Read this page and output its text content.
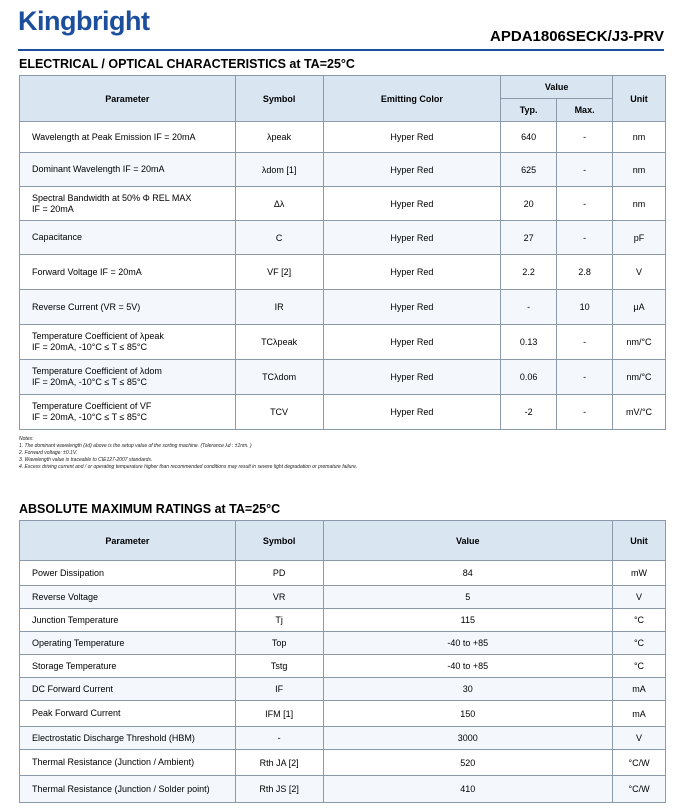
Kingbright
APDA1806SECK/J3-PRV
ELECTRICAL / OPTICAL CHARACTERISTICS at TA=25°C
Parameter	Symbol	Emitting Color	Value		Unit
			Typ.	Max.	
Wavelength at Peak Emission IF = 20mA	λpeak	Hyper Red	640	-	nm
Dominant Wavelength IF = 20mA	λdom [1]	Hyper Red	625	-	nm
Spectral Bandwidth at 50% Φ REL MAX
IF = 20mA	Δλ	Hyper Red	20	-	nm
Capacitance	C	Hyper Red	27	-	pF
Forward Voltage IF = 20mA	VF [2]	Hyper Red	2.2	2.8	V
Reverse Current (VR = 5V)	IR	Hyper Red	-	10	μA
Temperature Coefficient of λpeak
IF = 20mA, -10°C ≤ T ≤ 85°C	TCλpeak	Hyper Red	0.13	-	nm/°C
Temperature Coefficient of λdom
IF = 20mA, -10°C ≤ T ≤ 85°C	TCλdom	Hyper Red	0.06	-	nm/°C
Temperature Coefficient of VF
IF = 20mA, -10°C ≤ T ≤ 85°C	TCV	Hyper Red	-2	-	mV/°C
Notes:
1. The dominant wavelength (λd) above is the setup value of the sorting machine. (Tolerance λd : ±1nm. )
2. Forward voltage: ±0.1V.
3. Wavelength value is traceable to CIE127-2007 standards.
4. Excess driving current and / or operating temperature higher than recommended conditions may result in severe light degradation or premature failure.
ABSOLUTE MAXIMUM RATINGS at TA=25°C
Parameter	Symbol	Value	Unit
Power Dissipation	PD	84	mW
Reverse Voltage	VR	5	V
Junction Temperature	Tj	115	°C
Operating Temperature	Top	-40 to +85	°C
Storage Temperature	Tstg	-40 to +85	°C
DC Forward Current	IF	30	mA
Peak Forward Current	IFM [1]	150	mA
Electrostatic Discharge Threshold (HBM)	-	3000	V
Thermal Resistance (Junction / Ambient)	Rth JA [2]	520	°C/W
Thermal Resistance (Junction / Solder point)	Rth JS [2]	410	°C/W
